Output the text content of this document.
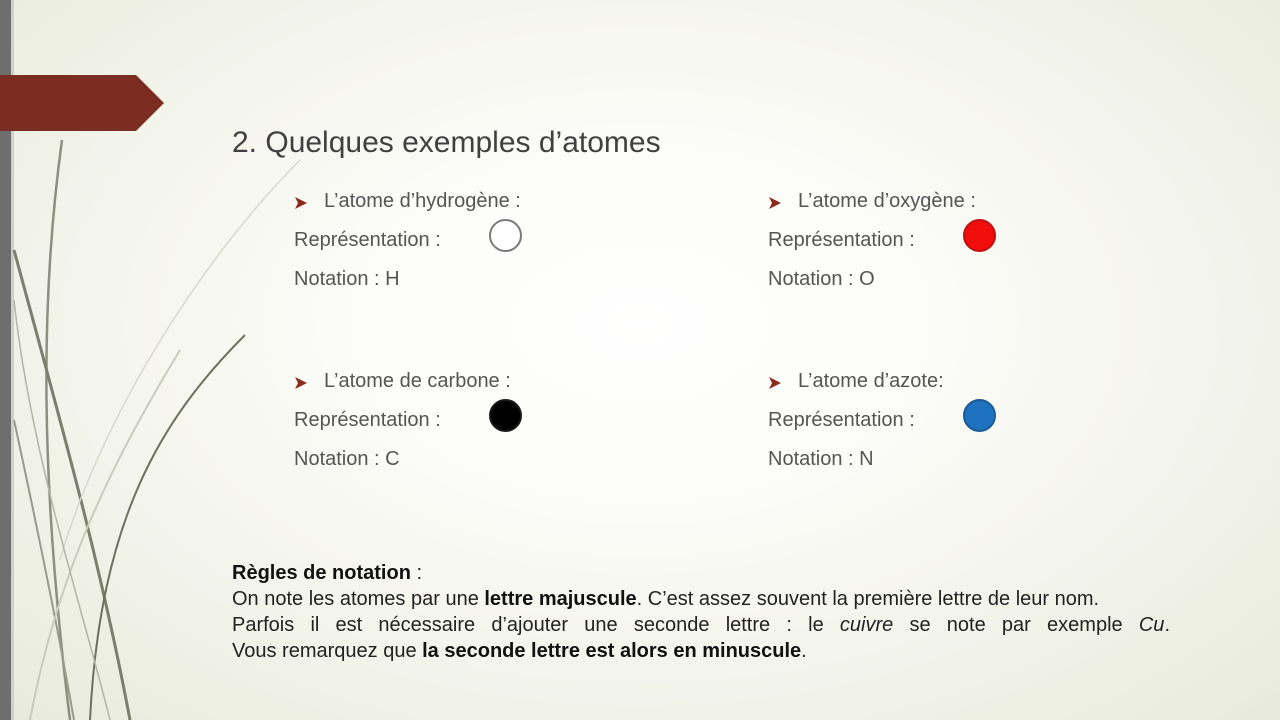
2. Quelques exemples d’atomes
L’atome d’hydrogène :
Représentation :
Notation : H
L’atome d’oxygène :
Représentation :
Notation : O
L’atome de carbone :
Représentation :
Notation : C
L’atome d’azote:
Représentation :
Notation : N
Règles de notation :
On note les atomes par une lettre majuscule. C’est assez souvent la première lettre de leur nom.
Parfois il est nécessaire d’ajouter une seconde lettre : le cuivre se note par exemple Cu.
Vous remarquez que la seconde lettre est alors en minuscule.
